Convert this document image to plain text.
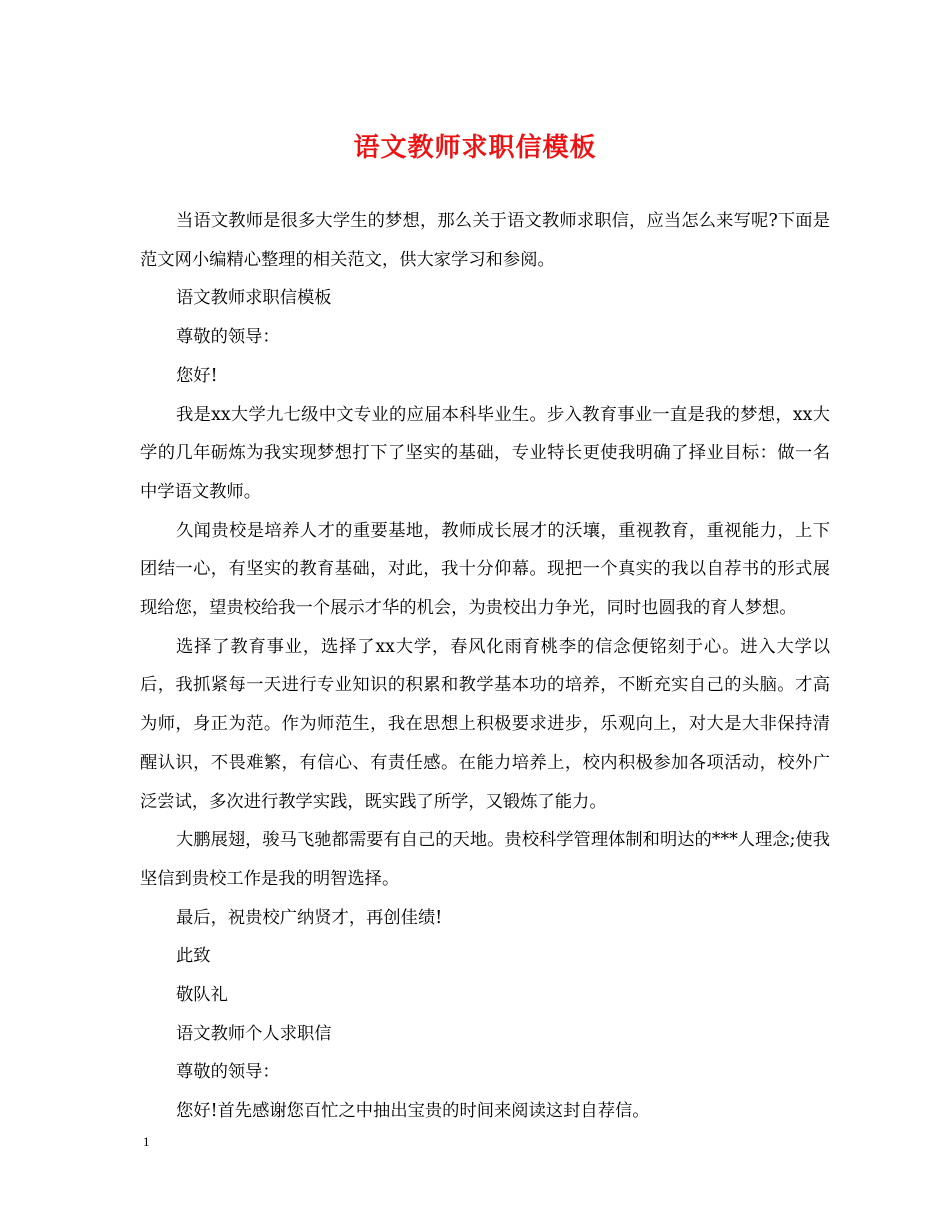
语文教师求职信模板

当语文教师是很多大学生的梦想，那么关于语文教师求职信，应当怎么来写呢?下面是范文网小编精心整理的相关范文，供大家学习和参阅。

语文教师求职信模板

尊敬的领导：

您好!

我是xx大学九七级中文专业的应届本科毕业生。步入教育事业一直是我的梦想，xx大学的几年砺炼为我实现梦想打下了坚实的基础，专业特长更使我明确了择业目标：做一名中学语文教师。

久闻贵校是培养人才的重要基地，教师成长展才的沃壤，重视教育，重视能力，上下团结一心，有坚实的教育基础，对此，我十分仰幕。现把一个真实的我以自荐书的形式展现给您，望贵校给我一个展示才华的机会，为贵校出力争光，同时也圆我的育人梦想。

选择了教育事业，选择了xx大学，春风化雨育桃李的信念便铭刻于心。进入大学以后，我抓紧每一天进行专业知识的积累和教学基本功的培养，不断充实自己的头脑。才高为师，身正为范。作为师范生，我在思想上积极要求进步，乐观向上，对大是大非保持清醒认识，不畏难繁，有信心、有责任感。在能力培养上，校内积极参加各项活动，校外广泛尝试，多次进行教学实践，既实践了所学，又锻炼了能力。

大鹏展翅，骏马飞驰都需要有自己的天地。贵校科学管理体制和明达的***人理念;使我坚信到贵校工作是我的明智选择。

最后，祝贵校广纳贤才，再创佳绩!

此致

敬队礼

语文教师个人求职信

尊敬的领导：

您好!首先感谢您百忙之中抽出宝贵的时间来阅读这封自荐信。

1
